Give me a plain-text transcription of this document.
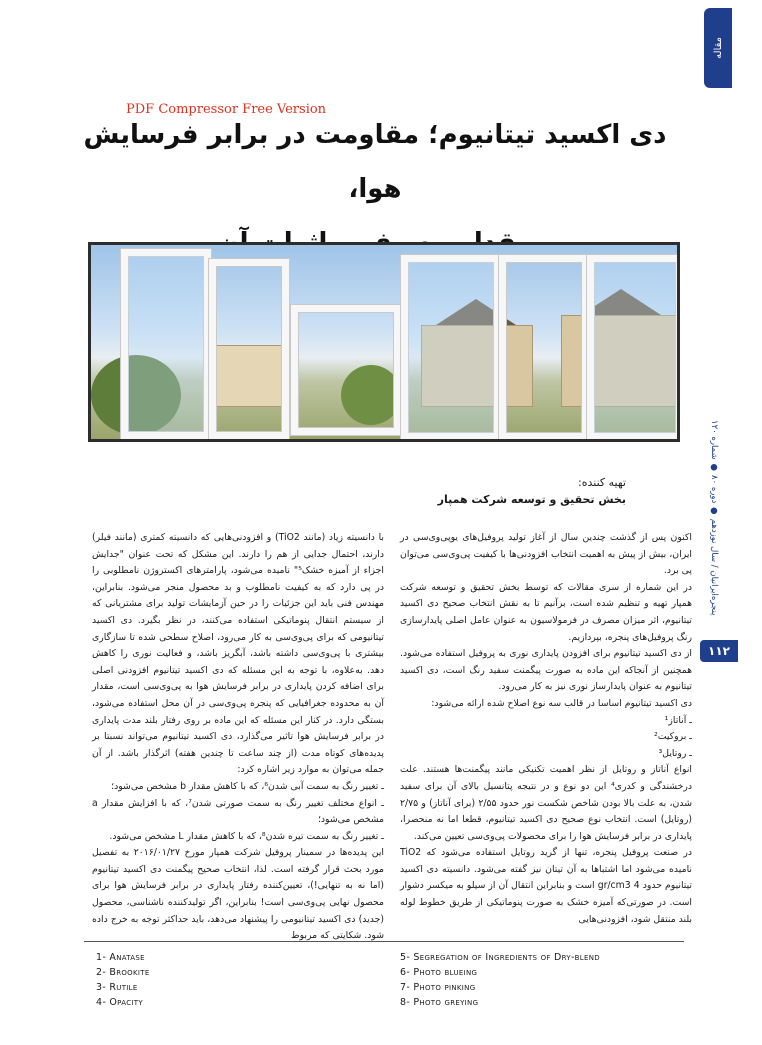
مقاله
پنجره‌ایرانیان / سال نوزدهم ● دوره ۸۰ ● شماره ۱۲۰
۱۱۲
PDF Compressor Free Version
دی اکسید تیتانیوم؛ مقاومت در برابر فرسایش هوا،
تهیه کننده:
بخش تحقیق و توسعه شرکت همپار

اکنون پس از گذشت چندین سال از آغاز تولید پروفیل‌های یو‌پی‌وی‌سی در ایران، بیش از پیش به اهمیت انتخاب افزودنی‌ها با کیفیت پی‌وی‌سی می‌توان پی برد.

در این شماره از سری مقالات که توسط بخش تحقیق و توسعه شرکت همپار تهیه و تنظیم شده است، برآنیم تا به نقش انتخاب صحیح دی اکسید تیتانیوم، اثر میزان مصرف در فرمولاسیون به عنوان عامل اصلی پایدارسازی رنگ پروفیل‌های پنجره، بپردازیم.

از دی اکسید تیتانیوم برای افزودن پایداری نوری به پروفیل استفاده می‌شود. همچنین از آنجاکه این ماده به صورت پیگمنت سفید رنگ است، دی اکسید تیتانیوم به عنوان پایدارساز نوری نیز به کار می‌رود.

دی اکسید تیتانیوم اساسا در قالب سه نوع اصلاح شده ارائه می‌شود:

ـ آناتاز¹

ـ بروکیت²

ـ روتایل³

انواع آناتاز و روتایل از نظر اهمیت تکنیکی مانند پیگمنت‌ها هستند. علت درخشندگی و کدری⁴ این دو نوع و در نتیجه پتانسیل بالای آن برای سفید شدن، به علت بالا بودن شاخص شکست نور حدود ۲/۵۵ (برای آناتاز) و ۲/۷۵ (روتایل) است. انتخاب نوع صحیح دی اکسید تیتانیوم، قطعا اما نه منحصرا، پایداری در برابر فرسایش هوا را برای محصولات پی‌وی‌سی تعیین می‌کند.

در صنعت پروفیل پنجره، تنها از گرید روتایل استفاده می‌شود که TiO2 نامیده می‌شود اما اشتباها به آن تیتان نیز گفته می‌شود. دانسیته دی اکسید تیتانیوم حدود 4 gr/cm3 است و بنابراین انتقال آن از سیلو به میکسر دشوار است. در صورتی‌که آمیزه خشک به صورت پنوماتیکی از طریق خطوط لوله بلند منتقل شود، افزودنی‌هایی

با دانسیته زیاد (مانند TiO2) و افزودنی‌هایی که دانسیته کمتری (مانند فیلر) دارند، احتمال جدایی از هم را دارند. این مشکل که تحت عنوان "جدایش اجزاء از آمیزه خشک⁵" نامیده می‌شود، پارامترهای اکستروژن نامطلوبی را در پی دارد که به کیفیت نامطلوب و بد محصول منجر می‌شود. بنابراین، مهندس فنی باید این جزئیات را در حین آزمایشات تولید برای مشتریانی که از سیستم انتقال پنوماتیکی استفاده می‌کنند، در نظر بگیرد. دی اکسید تیتانیومی که برای پی‌وی‌سی به کار می‌رود، اصلاح سطحی شده تا سازگاری بیشتری با پی‌وی‌سی داشته باشد، آبگریز باشد، و فعالیت نوری را کاهش دهد. به‌علاوه، با توجه به این مسئله که دی اکسید تیتانیوم افزودنی اصلی برای اضافه کردن پایداری در برابر فرسایش هوا به پی‌وی‌سی است، مقدار آن به محدوده جغرافیایی که پنجره پی‌وی‌سی در آن محل استفاده می‌شود، بستگی دارد. در کنار این مسئله که این ماده بر روی رفتار بلند مدت پایداری در برابر فرسایش هوا تاثیر می‌گذارد، دی اکسید تیتانیوم می‌تواند نسبتا بر پدیده‌های کوتاه مدت (از چند ساعت تا چندین هفته) اثرگذار باشد. از آن جمله می‌توان به موارد زیر اشاره کرد:

ـ تغییر رنگ به سمت آبی شدن⁶، که با کاهش مقدار b مشخص می‌شود؛

ـ انواع مختلف تغییر رنگ به سمت صورتی شدن⁷، که با افزایش مقدار a مشخص می‌شود؛

ـ تغییر رنگ به سمت تیره شدن⁸، که با کاهش مقدار L مشخص می‌شود.

این پدیده‌ها در سمینار پروفیل شرکت همپار مورخ ۲۰۱۶/۰۱/۲۷ به تفصیل مورد بحث قرار گرفته است. لذا، انتخاب صحیح پیگمنت دی اکسید تیتانیوم (اما نه به تنهایی!)، تعیین‌کننده رفتار پایداری در برابر فرسایش هوا برای محصول نهایی پی‌وی‌سی است! بنابراین، اگر تولیدکننده ناشناسی، محصول (جدید) دی اکسید تیتانیومی را پیشنهاد می‌دهد، باید حداکثر توجه به خرج داده شود. شکایتی که مربوط

1- Anatase
2- Brookite
3- Rutile
4- Opacity
5- Segregation of Ingredients of Dry-blend
6- Photo blueing
7- Photo pinking
8- Photo greying
